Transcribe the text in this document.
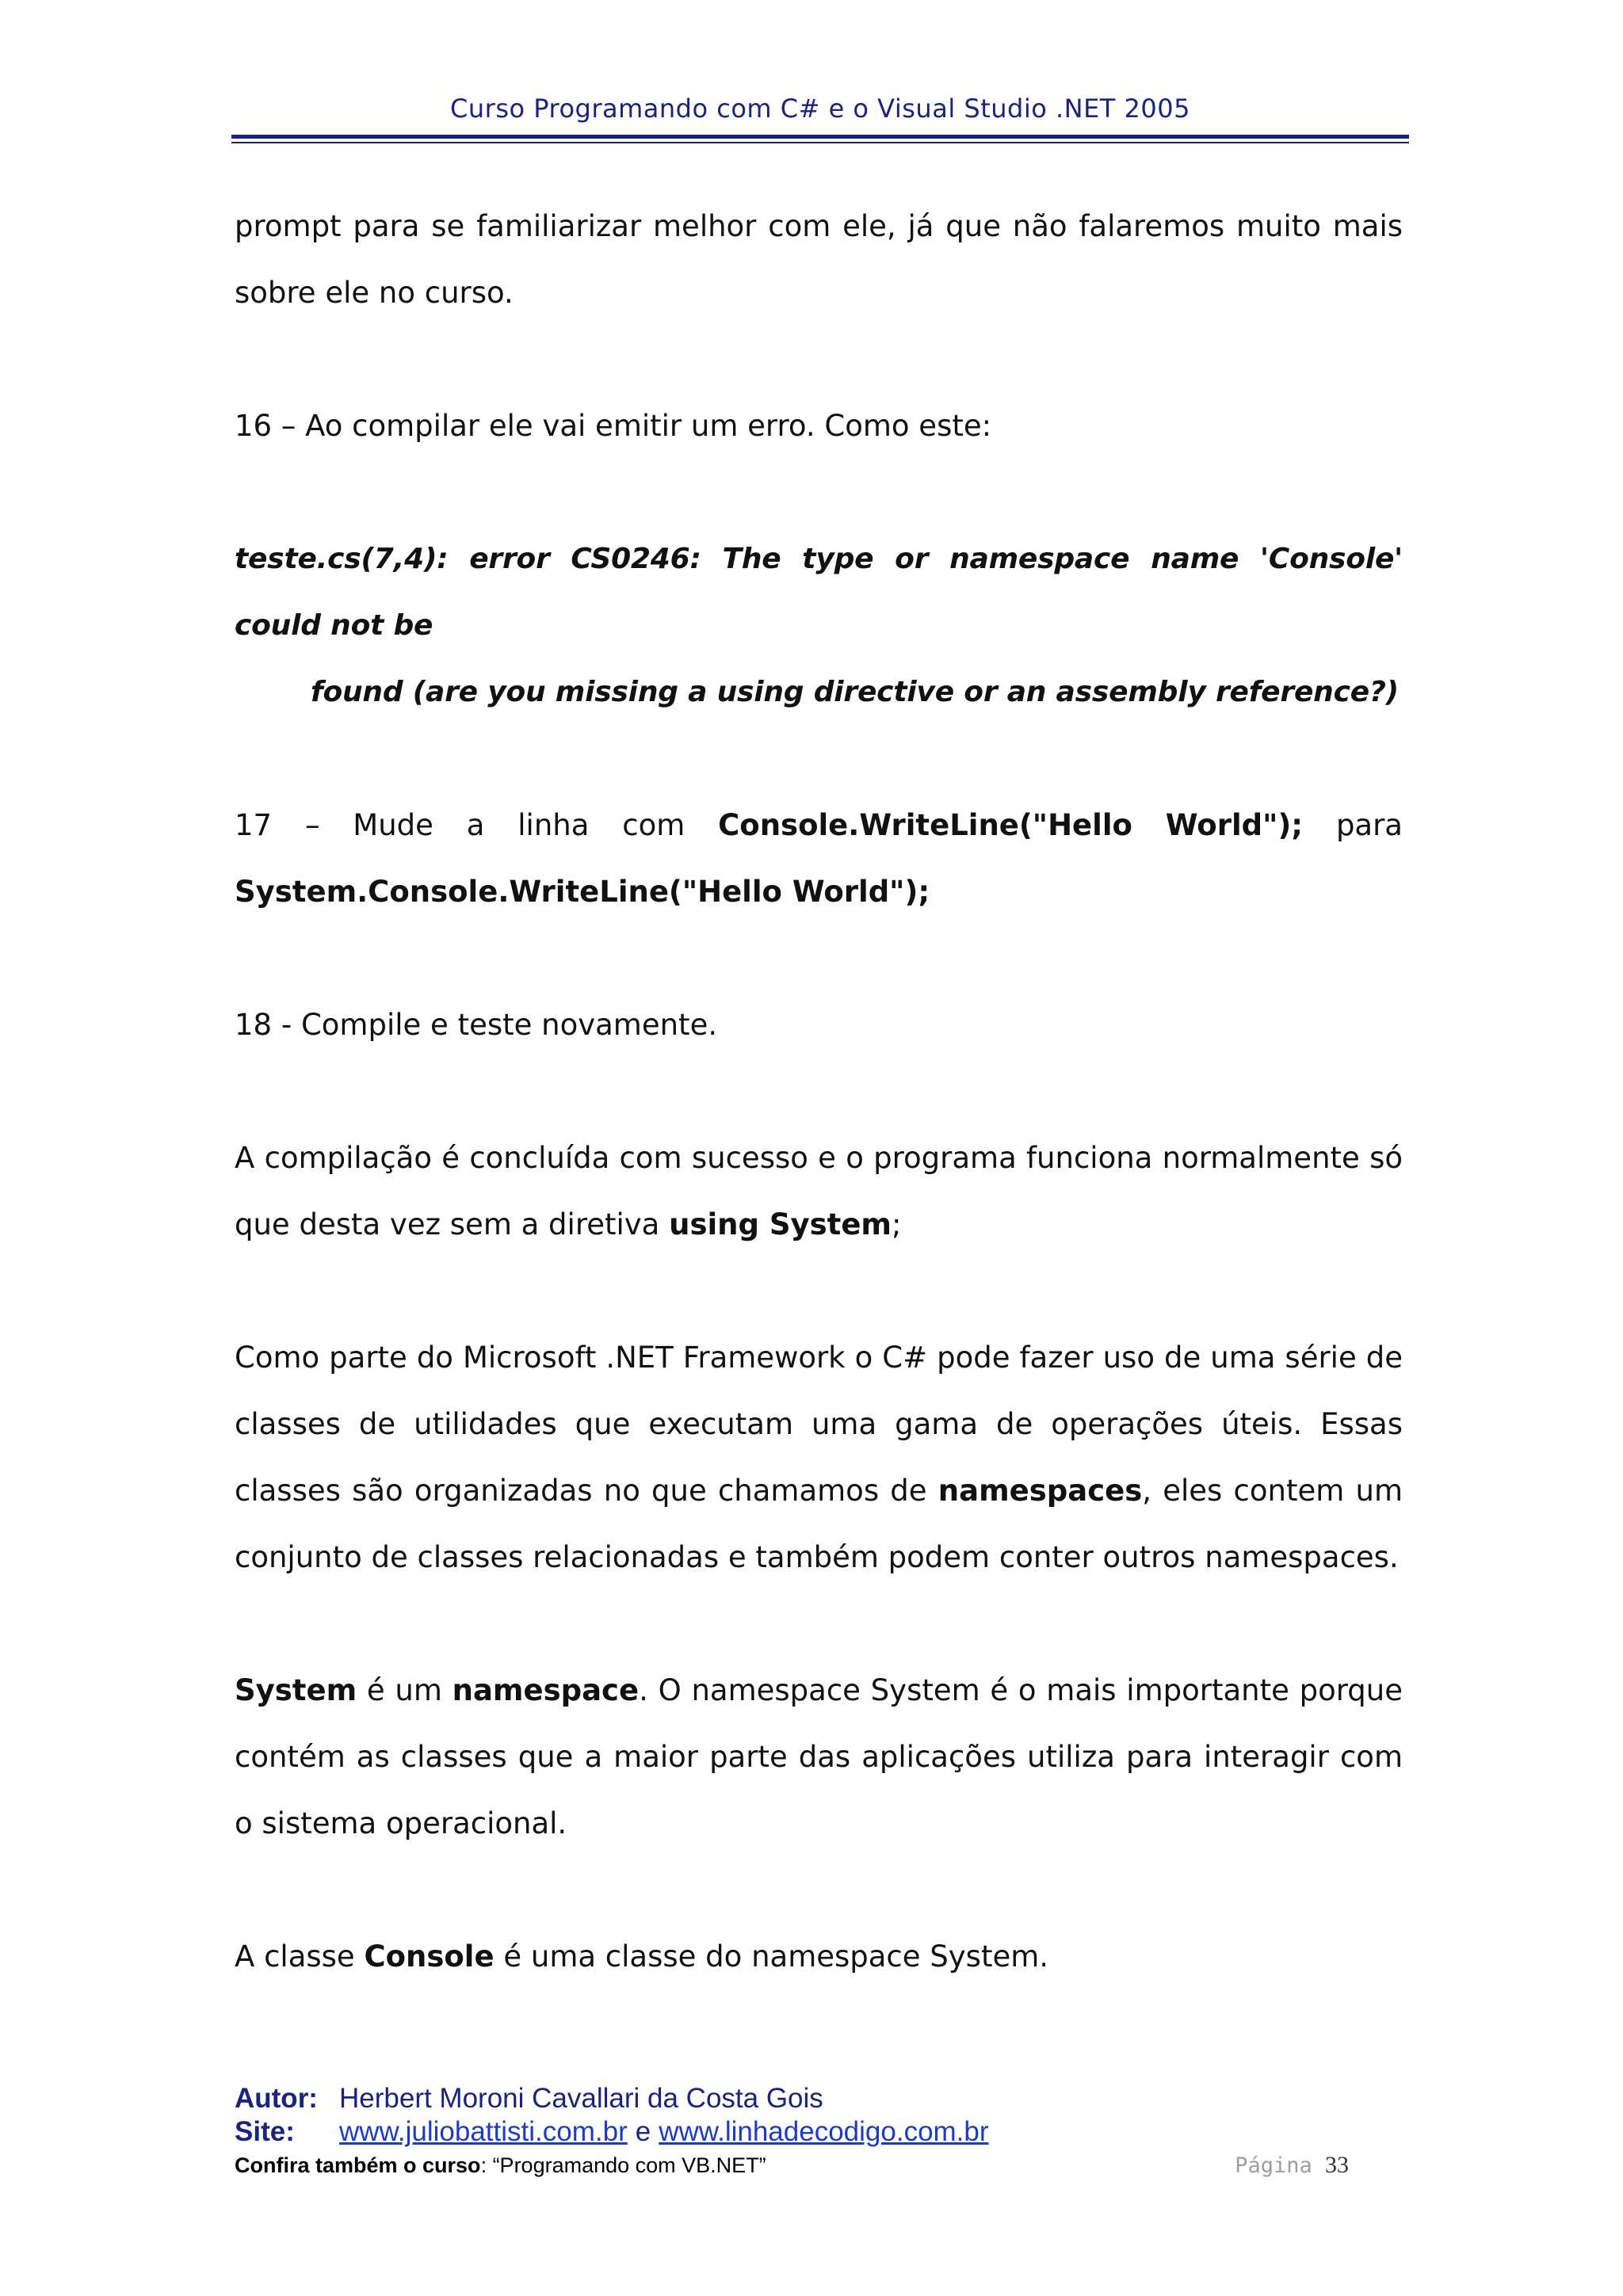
Curso Programando com C# e o Visual Studio .NET 2005

prompt para se familiarizar melhor com ele, já que não falaremos muito mais sobre ele no curso.

16 – Ao compilar ele vai emitir um erro. Como este:

teste.cs(7,4): error CS0246: The type or namespace name 'Console' could not be
found (are you missing a using directive or an assembly reference?)

17 – Mude a linha com Console.WriteLine("Hello World"); para

System.Console.WriteLine("Hello World");

18 - Compile e teste novamente.

A compilação é concluída com sucesso e o programa funciona normalmente só que desta vez sem a diretiva using System;

Como parte do Microsoft .NET Framework o C# pode fazer uso de uma série de classes de utilidades que executam uma gama de operações úteis. Essas classes são organizadas no que chamamos de namespaces, eles contem um conjunto de classes relacionadas e também podem conter outros namespaces.

System é um namespace. O namespace System é o mais importante porque contém as classes que a maior parte das aplicações utiliza para interagir com o sistema operacional.

A classe Console é uma classe do namespace System.

Autor: Herbert Moroni Cavallari da Costa Gois
Site:	www.juliobattisti.com.br e www.linhadecodigo.com.br
Confira também o curso: “Programando com VB.NET”	Página 33
